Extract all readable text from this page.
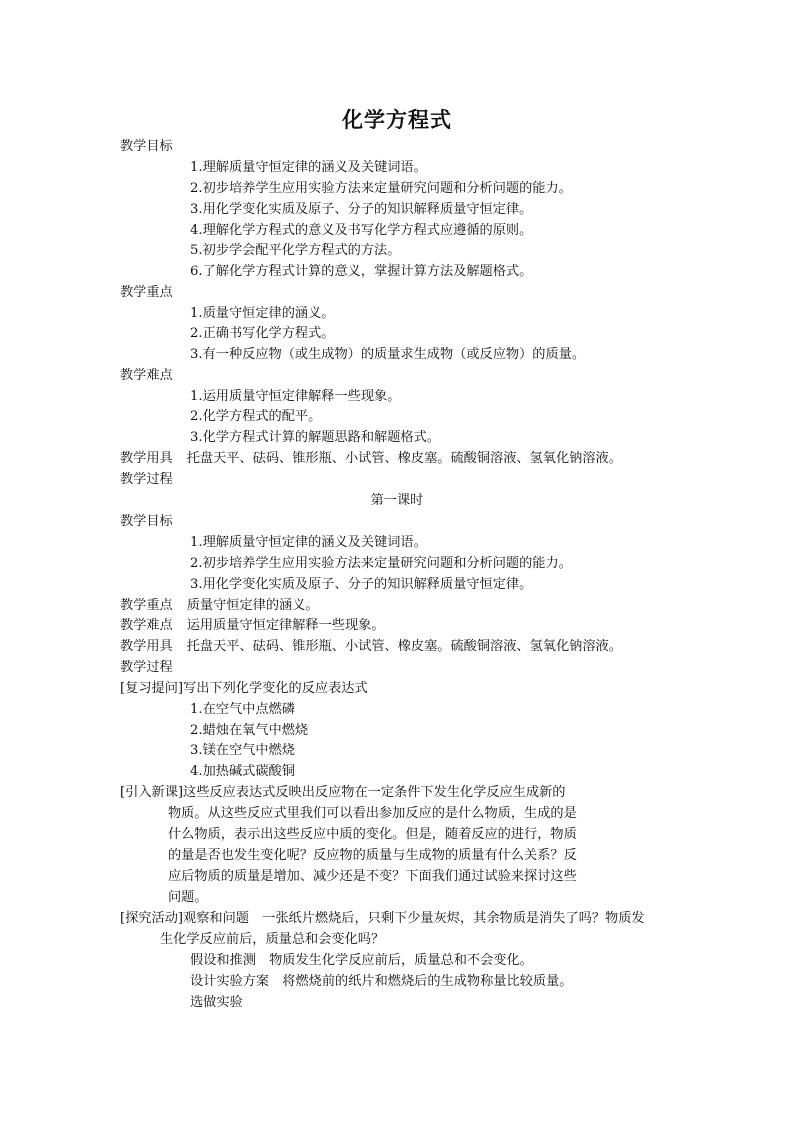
化学方程式
教学目标
1.理解质量守恒定律的涵义及关键词语。
2.初步培养学生应用实验方法来定量研究问题和分析问题的能力。
3.用化学变化实质及原子、分子的知识解释质量守恒定律。
4.理解化学方程式的意义及书写化学方程式应遵循的原则。
5.初步学会配平化学方程式的方法。
6.了解化学方程式计算的意义，掌握计算方法及解题格式。
教学重点
1.质量守恒定律的涵义。
2.正确书写化学方程式。
3.有一种反应物（或生成物）的质量求生成物（或反应物）的质量。
教学难点
1.运用质量守恒定律解释一些现象。
2.化学方程式的配平。
3.化学方程式计算的解题思路和解题格式。
教学用具 托盘天平、砝码、锥形瓶、小试管、橡皮塞。硫酸铜溶液、氢氧化钠溶液。
教学过程
第一课时
教学目标
1.理解质量守恒定律的涵义及关键词语。
2.初步培养学生应用实验方法来定量研究问题和分析问题的能力。
3.用化学变化实质及原子、分子的知识解释质量守恒定律。
教学重点 质量守恒定律的涵义。
教学难点 运用质量守恒定律解释一些现象。
教学用具 托盘天平、砝码、锥形瓶、小试管、橡皮塞。硫酸铜溶液、氢氧化钠溶液。
教学过程
[复习提问]写出下列化学变化的反应表达式
1.在空气中点燃磷
2.蜡烛在氧气中燃烧
3.镁在空气中燃烧
4.加热碱式碳酸铜
[引入新课]这些反应表达式反映出反应物在一定条件下发生化学反应生成新的
物质。从这些反应式里我们可以看出参加反应的是什么物质，生成的是
什么物质，表示出这些反应中质的变化。但是，随着反应的进行，物质
的量是否也发生变化呢？反应物的质量与生成物的质量有什么关系？反
应后物质的质量是增加、减少还是不变？下面我们通过试验来探讨这些
问题。
[探究活动]观察和问题　一张纸片燃烧后，只剩下少量灰烬，其余物质是消失了吗？物质发
生化学反应前后，质量总和会变化吗？
假设和推测　物质发生化学反应前后，质量总和不会变化。
设计实验方案　将燃烧前的纸片和燃烧后的生成物称量比较质量。
选做实验
